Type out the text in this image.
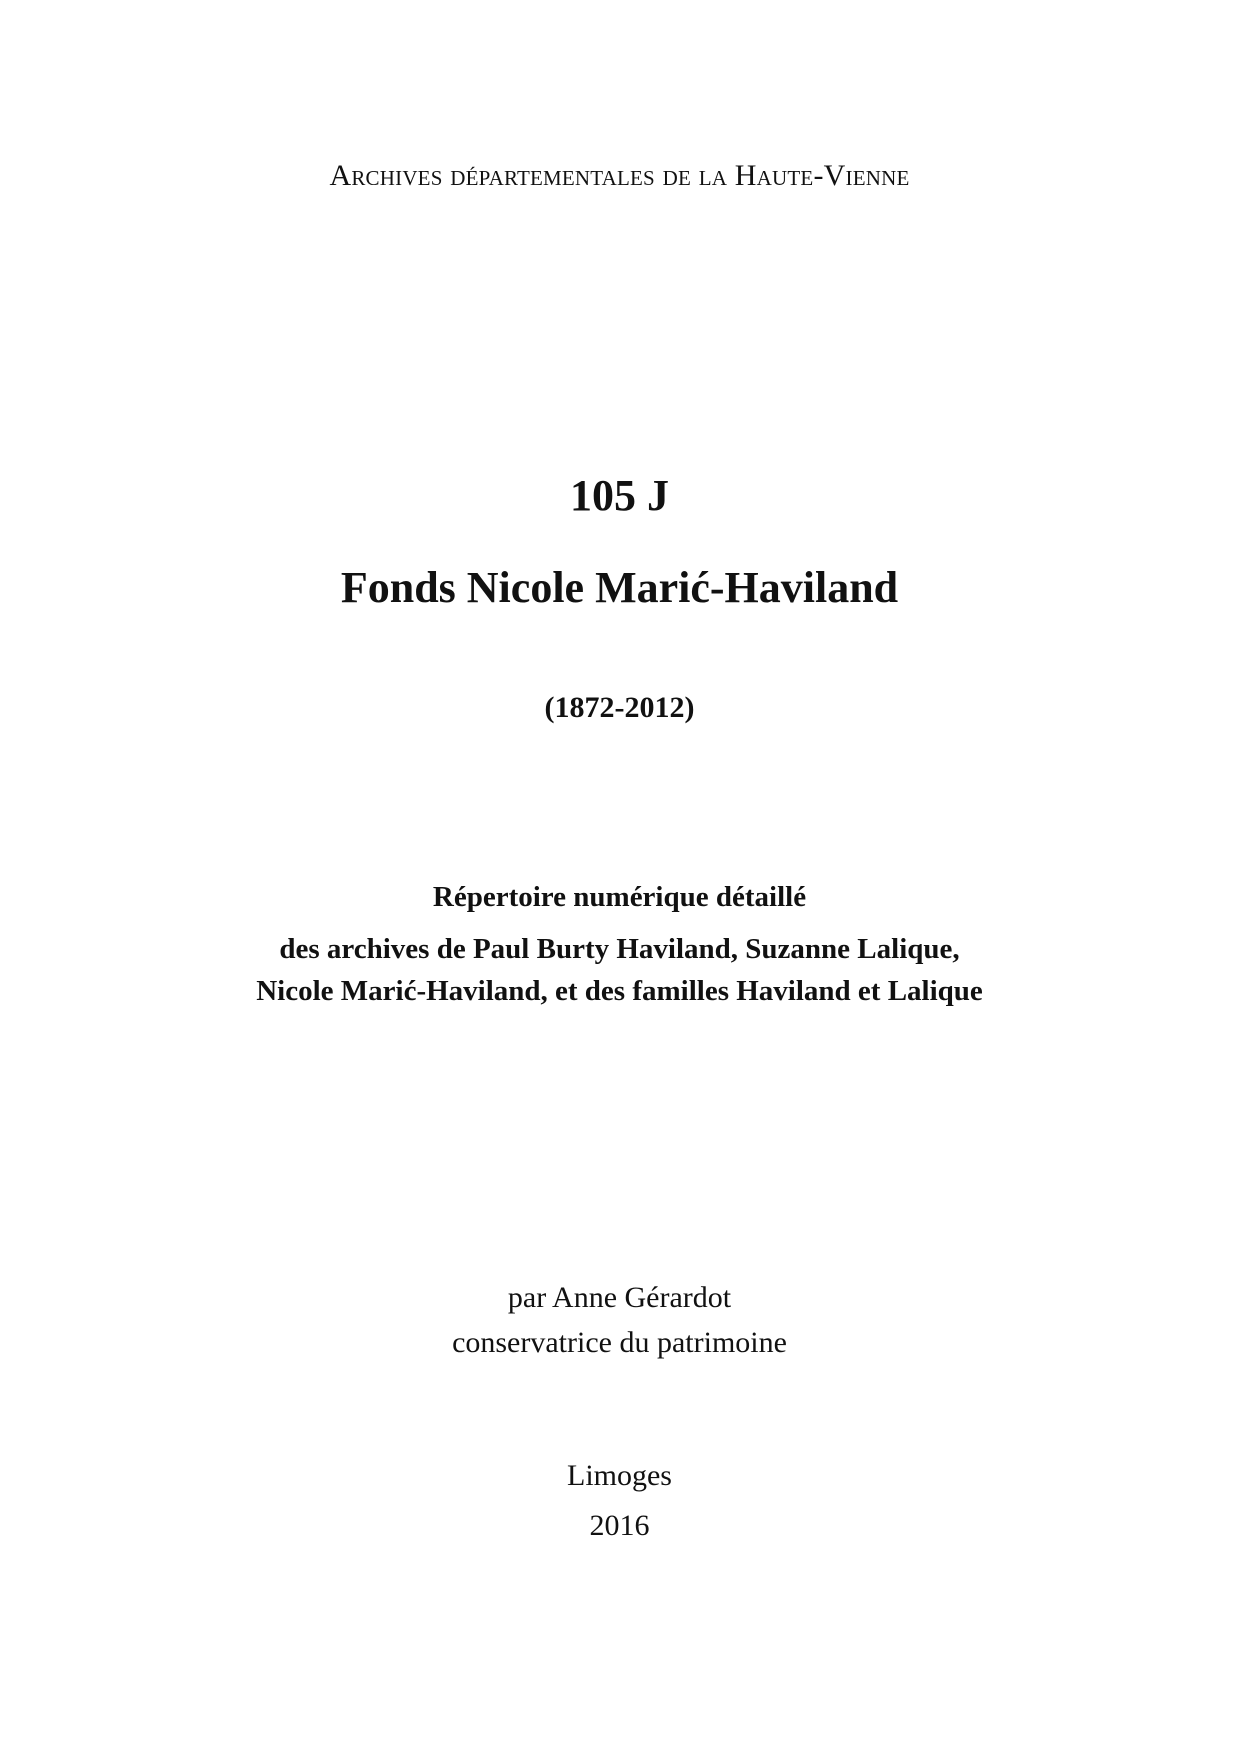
Archives départementales de la Haute-Vienne

105 J
Fonds Nicole Marić-Haviland

(1872-2012)

Répertoire numérique détaillé

des archives de Paul Burty Haviland, Suzanne Lalique,

Nicole Marić-Haviland, et des familles Haviland et Lalique

par Anne Gérardot

conservatrice du patrimoine

Limoges

2016
